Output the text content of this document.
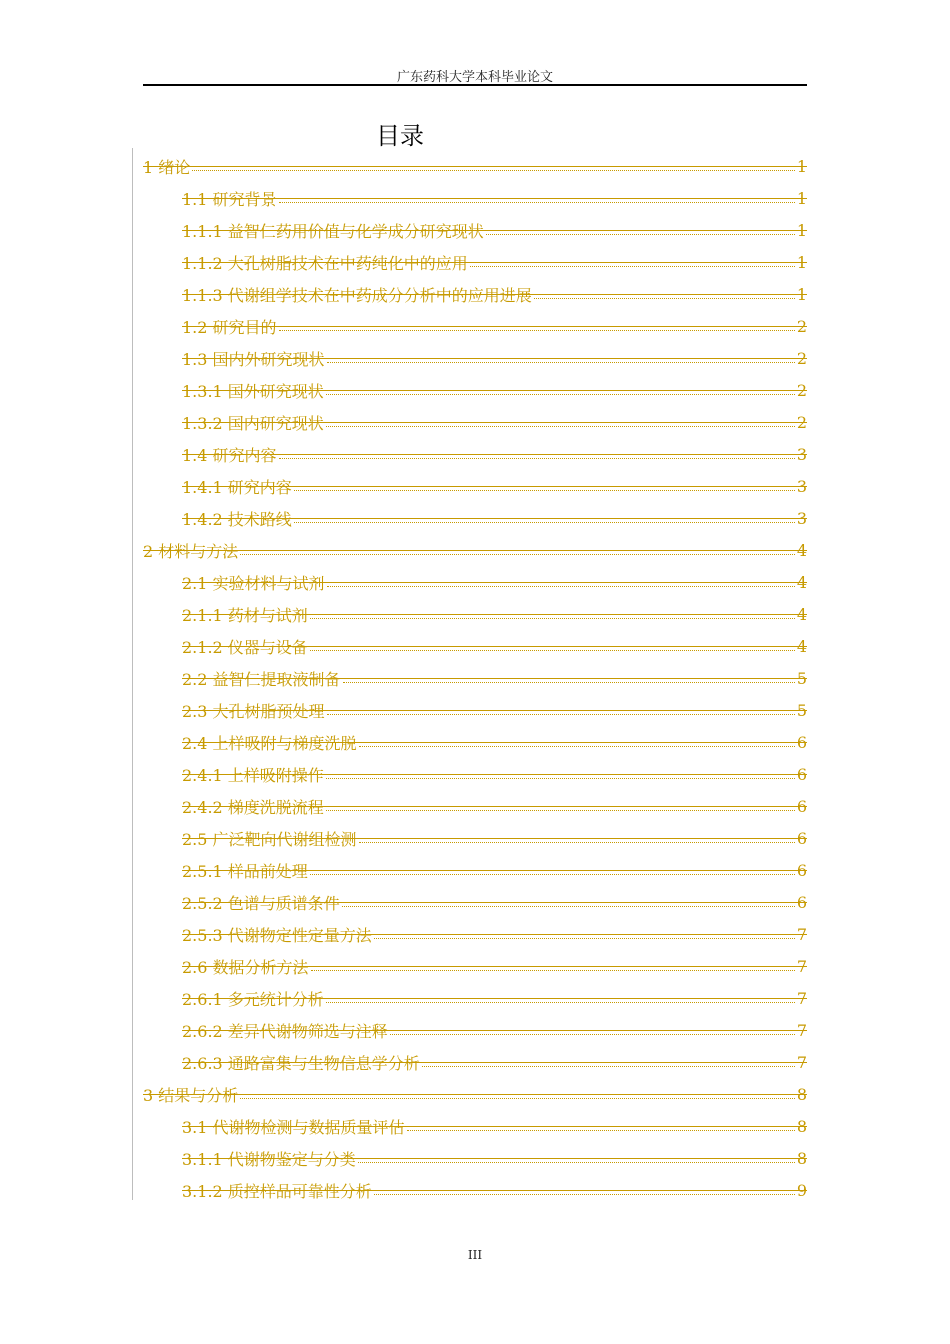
广东药科大学本科毕业论文
目录
1 绪论	1
1.1 研究背景	1
1.1.1 益智仁药用价值与化学成分研究现状	1
1.1.2 大孔树脂技术在中药纯化中的应用	1
1.1.3 代谢组学技术在中药成分分析中的应用进展	1
1.2 研究目的	2
1.3 国内外研究现状	2
1.3.1 国外研究现状	2
1.3.2 国内研究现状	2
1.4 研究内容	3
1.4.1 研究内容	3
1.4.2 技术路线	3
2 材料与方法	4
2.1 实验材料与试剂	4
2.1.1 药材与试剂	4
2.1.2 仪器与设备	4
2.2 益智仁提取液制备	5
2.3 大孔树脂预处理	5
2.4 上样吸附与梯度洗脱	6
2.4.1 上样吸附操作	6
2.4.2 梯度洗脱流程	6
2.5 广泛靶向代谢组检测	6
2.5.1 样品前处理	6
2.5.2 色谱与质谱条件	6
2.5.3 代谢物定性定量方法	7
2.6 数据分析方法	7
2.6.1 多元统计分析	7
2.6.2 差异代谢物筛选与注释	7
2.6.3 通路富集与生物信息学分析	7
3 结果与分析	8
3.1 代谢物检测与数据质量评估	8
3.1.1 代谢物鉴定与分类	8
3.1.2 质控样品可靠性分析	9
III
